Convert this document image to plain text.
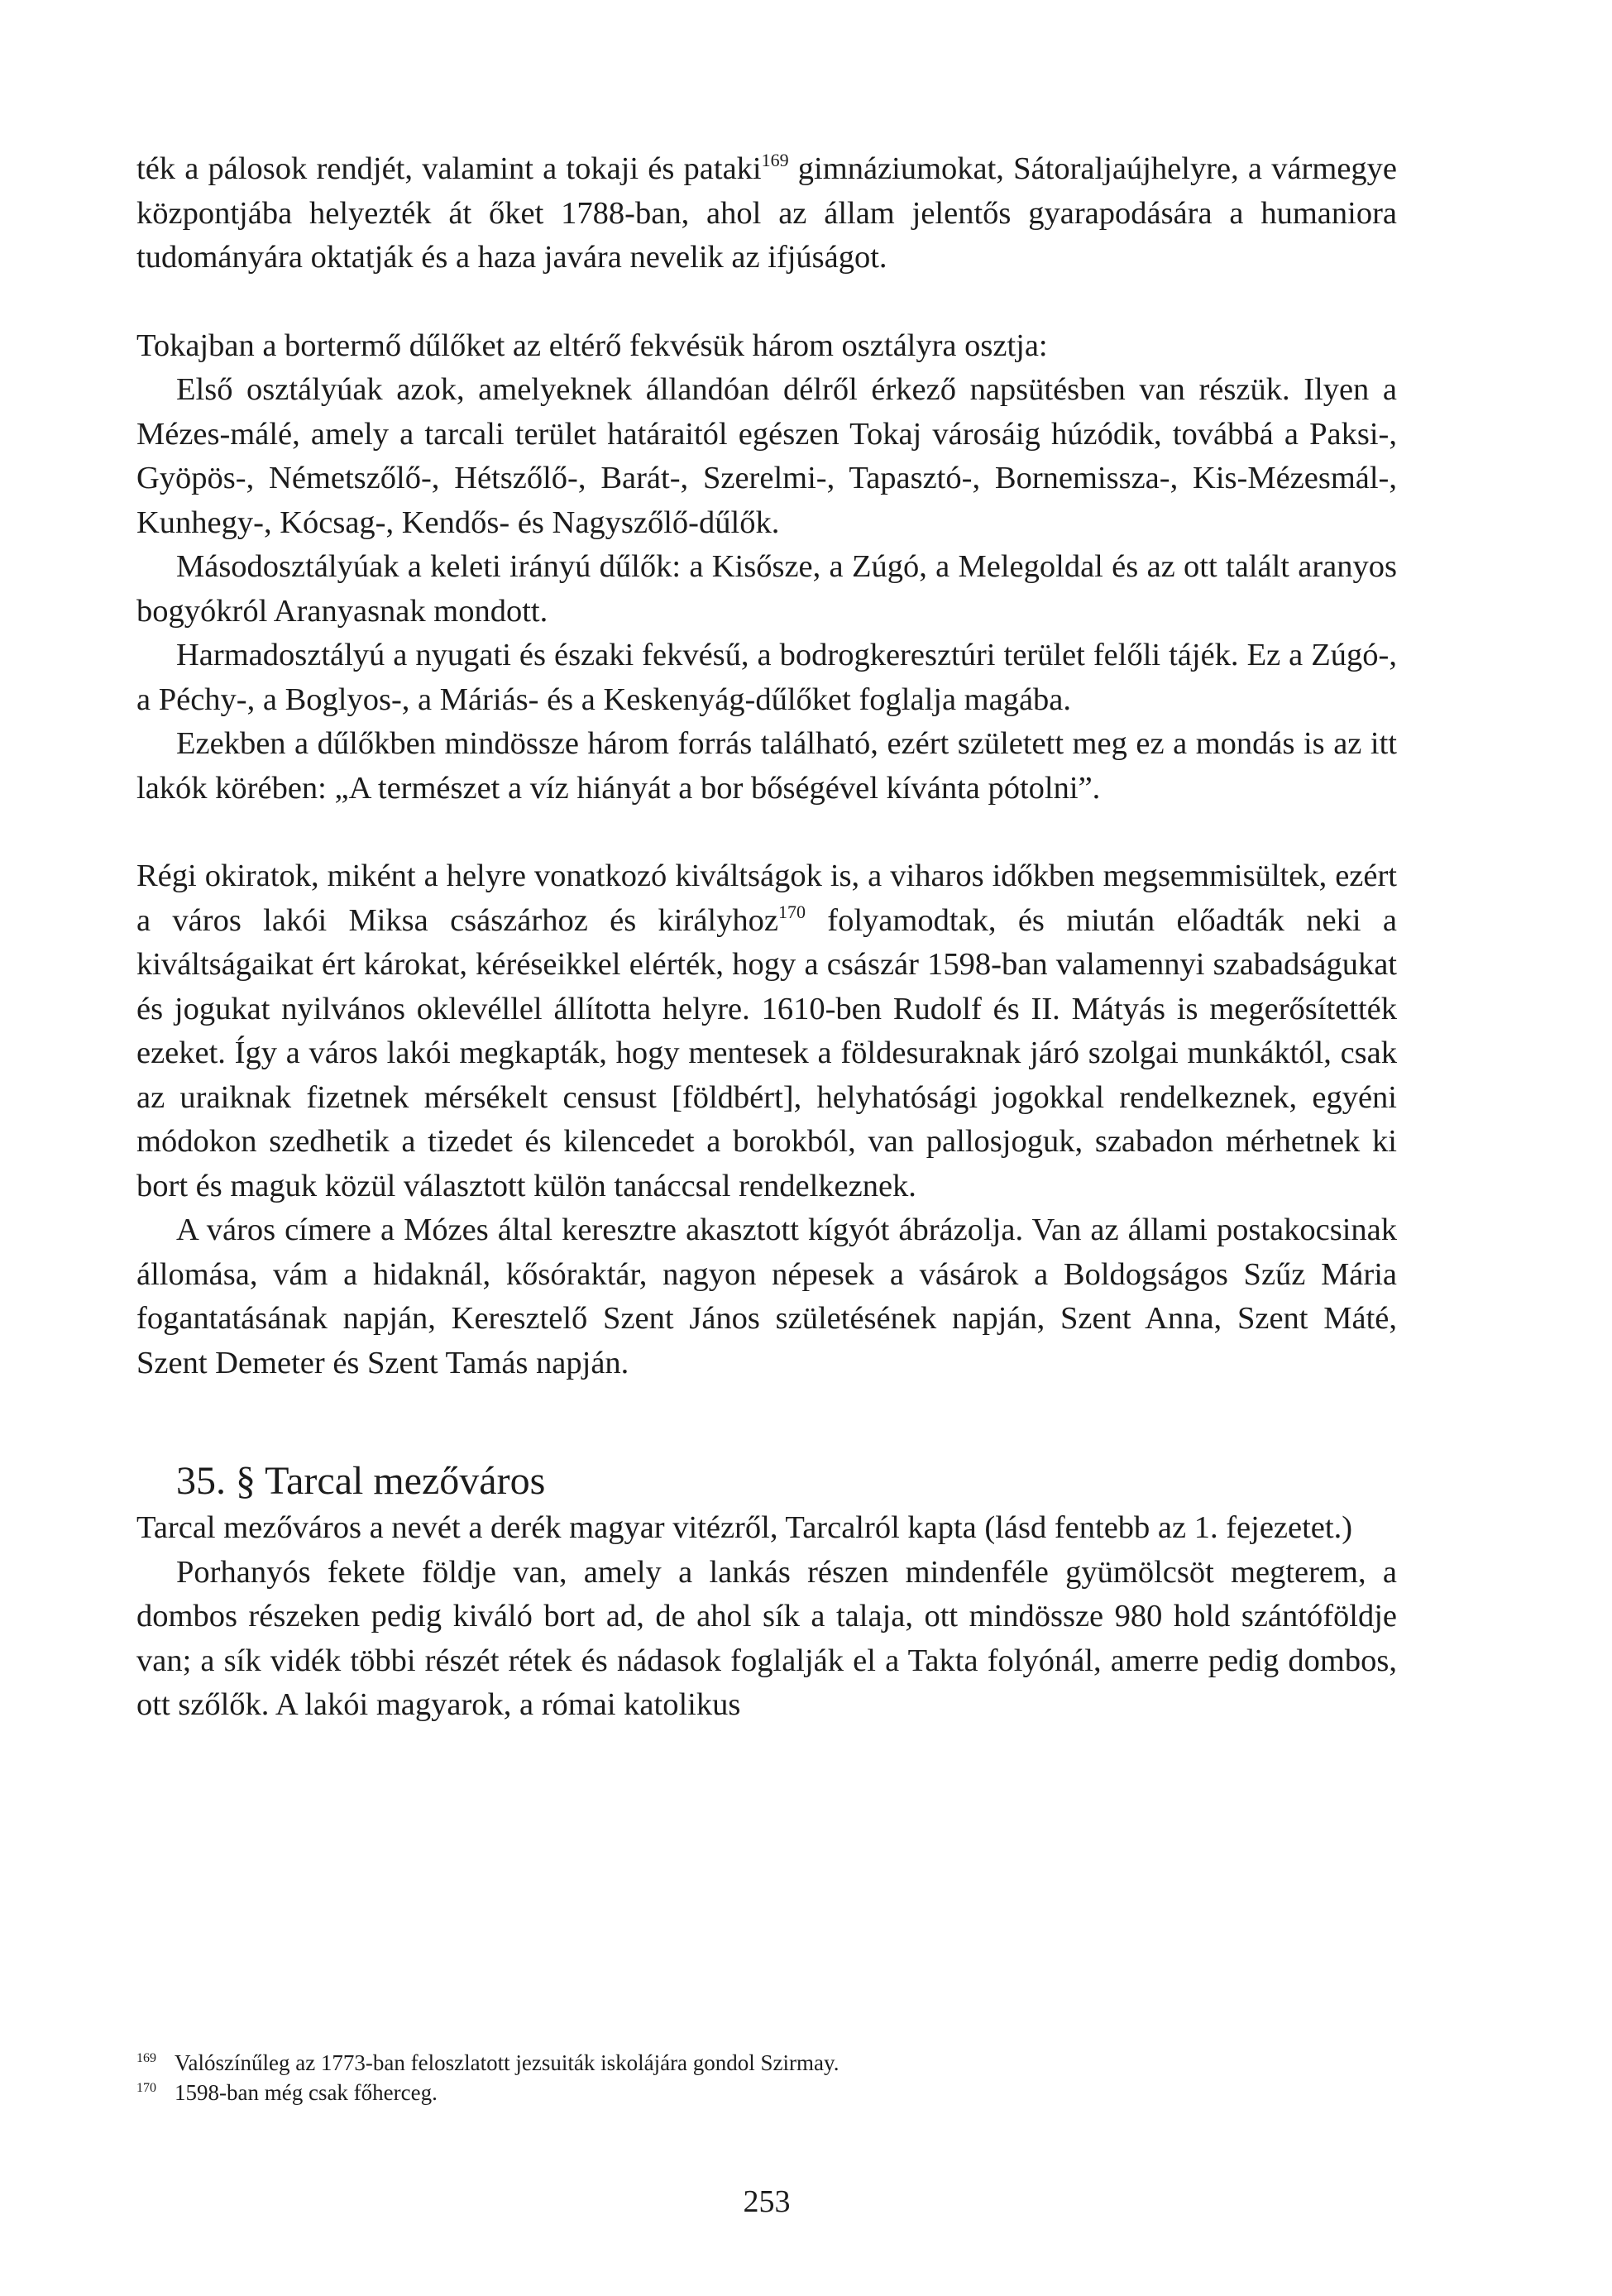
ték a pálosok rendjét, valamint a tokaji és pataki$^{169}$ gimnáziumokat, Sátoraljaújhelyre, a vármegye központjába helyezték át őket 1788-ban, ahol az állam jelentős gyarapodására a humaniora tudományára oktatják és a haza javára nevelik az ifjúságot.

Tokajban a bortermő dűlőket az eltérő fekvésük három osztályra osztja:

Első osztályúak azok, amelyeknek állandóan délről érkező napsütésben van részük. Ilyen a Mézes-málé, amely a tarcali terület határaitól egészen Tokaj városáig húzódik, továbbá a Paksi-, Gyöpös-, Németszőlő-, Hétszőlő-, Barát-, Szerelmi-, Tapasztó-, Bornemissza-, Kis-Mézesmál-, Kunhegy-, Kócsag-, Kendős- és Nagyszőlő-dűlők.

Másodosztályúak a keleti irányú dűlők: a Kisősze, a Zúgó, a Melegoldal és az ott talált aranyos bogyókról Aranyasnak mondott.

Harmadosztályú a nyugati és északi fekvésű, a bodrogkeresztúri terület felőli tájék. Ez a Zúgó-, a Péchy-, a Boglyos-, a Máriás- és a Keskenyág-dűlőket foglalja magába.

Ezekben a dűlőkben mindössze három forrás található, ezért született meg ez a mondás is az itt lakók körében: „A természet a víz hiányát a bor bőségével kívánta pótolni”.

Régi okiratok, miként a helyre vonatkozó kiváltságok is, a viharos időkben megsemmisültek, ezért a város lakói Miksa császárhoz és királyhoz$^{170}$ folyamodtak, és miután előadták neki a kiváltságaikat ért károkat, kéréseikkel elérték, hogy a császár 1598-ban valamennyi szabadságukat és jogukat nyilvános oklevéllel állította helyre. 1610-ben Rudolf és II. Mátyás is megerősítették ezeket. Így a város lakói megkapták, hogy mentesek a földesuraknak járó szolgai munkáktól, csak az uraiknak fizetnek mérsékelt censust [földbért], helyhatósági jogokkal rendelkeznek, egyéni módokon szedhetik a tizedet és kilencedet a borokból, van pallosjoguk, szabadon mérhetnek ki bort és maguk közül választott külön tanáccsal rendelkeznek.

A város címere a Mózes által keresztre akasztott kígyót ábrázolja. Van az állami postakocsinak állomása, vám a hidaknál, kősóraktár, nagyon népesek a vásárok a Boldogságos Szűz Mária fogantatásának napján, Keresztelő Szent János születésének napján, Szent Anna, Szent Máté, Szent Demeter és Szent Tamás napján.

35. § Tarcal mezőváros

Tarcal mezőváros a nevét a derék magyar vitézről, Tarcalról kapta (lásd fentebb az 1. fejezetet.)

Porhanyós fekete földje van, amely a lankás részen mindenféle gyümölcsöt megterem, a dombos részeken pedig kiváló bort ad, de ahol sík a talaja, ott mindössze 980 hold szántóföldje van; a sík vidék többi részét rétek és nádasok foglalják el a Takta folyónál, amerre pedig dombos, ott szőlők. A lakói magyarok, a római katolikus

$^{169}$ Valószínűleg az 1773-ban feloszlatott jezsuiták iskolájára gondol Szirmay.

$^{170}$ 1598-ban még csak főherceg.

253
